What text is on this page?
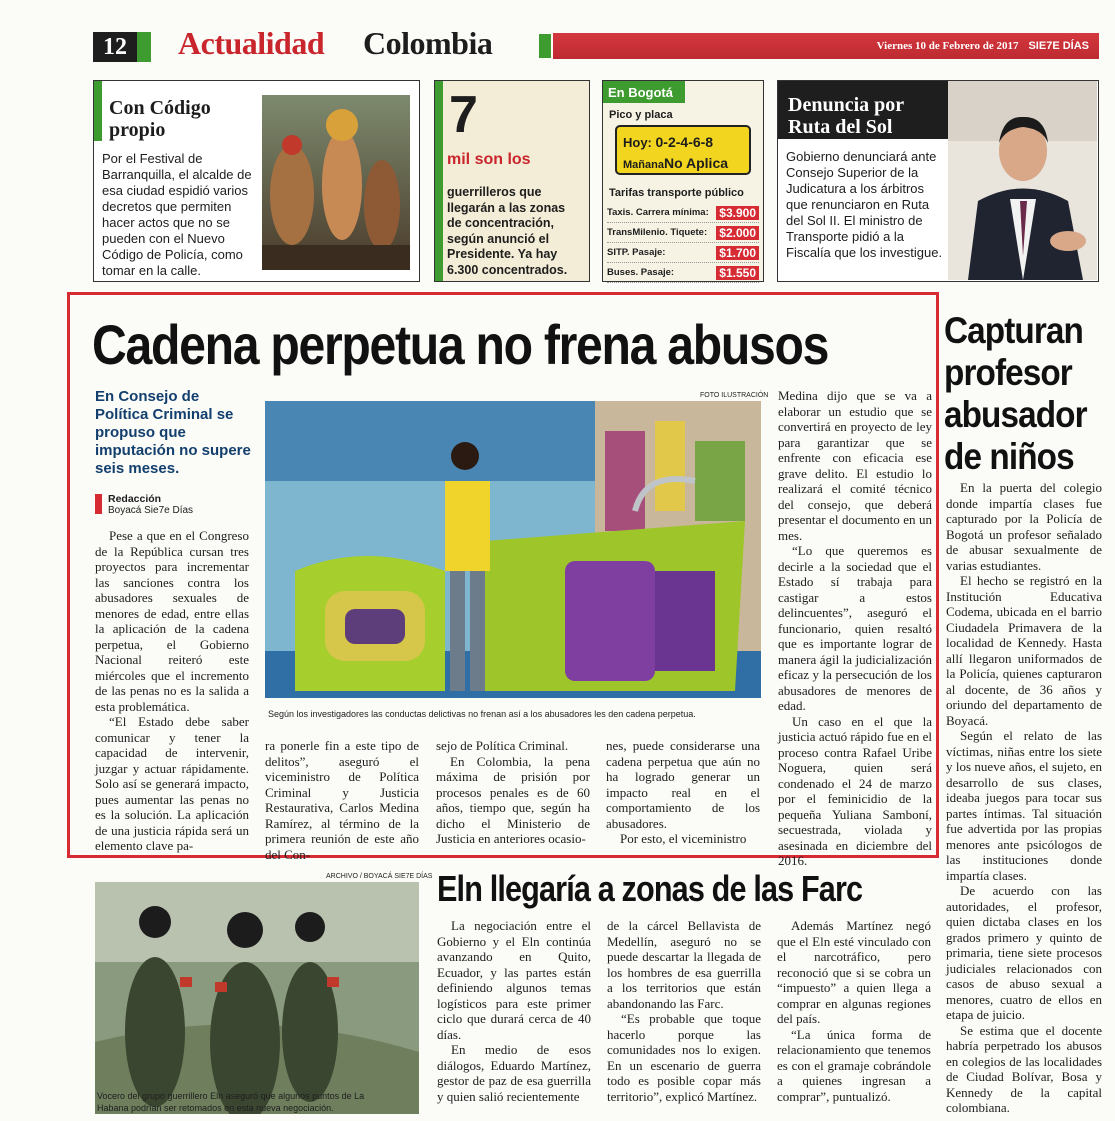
12	Actualidad Colombia	Viernes 10 de Febrero de 2017 SIE7E DÍAS
Con Código propio
Por el Festival de Barranquilla, el alcalde de esa ciudad espidió varios decretos que permiten hacer actos que no se pueden con el Nuevo Código de Policía, como tomar en la calle.
7
mil son los
guerrilleros que llegarán a las zonas de concentración, según anunció el Presidente. Ya hay 6.300 concentrados.
En Bogotá
Pico y placa
Hoy: 0-2-4-6-8
MañanaNo Aplica
Tarifas transporte público
Taxis. Carrera mínima: $3.900
TransMilenio. Tiquete: $2.000
SITP. Pasaje:	$1.700
Buses. Pasaje:	$1.550
Denuncia por Ruta del Sol
Gobierno denunciará ante Consejo Superior de la Judicatura a los árbitros que renunciaron en Ruta del Sol II. El ministro de Transporte pidió a la Fiscalía que los investigue.
Cadena perpetua no frena abusos
En Consejo de Política Criminal se propuso que imputación no supere seis meses.
Redacción
Boyacá Sie7e Días
FOTO ILUSTRACIÓN
Según los investigadores las conductas delictivas no frenan así a los abusadores les den cadena perpetua.

Pese a que en el Congreso de la República cursan tres proyectos para incrementar las sanciones contra los abusadores sexuales de menores de edad, entre ellas la aplicación de la cadena perpetua, el Gobierno Nacional reiteró este miércoles que el incremento de las penas no es la salida a esta problemática.

“El Estado debe saber comunicar y tener la capacidad de intervenir, juzgar y actuar rápidamente. Solo así se generará impacto, pues aumentar las penas no es la solución. La aplicación de una justicia rápida será un elemento clave pa-

ra ponerle fin a este tipo de delitos”, aseguró el viceministro de Política Criminal y Justicia Restaurativa, Carlos Medina Ramírez, al término de la primera reunión de este año del Con-

sejo de Política Criminal.

En Colombia, la pena máxima de prisión por procesos penales es de 60 años, tiempo que, según ha dicho el Ministerio de Justicia en anteriores ocasio-

nes, puede considerarse una cadena perpetua que aún no ha logrado generar un impacto real en el comportamiento de los abusadores.

Por esto, el viceministro

Medina dijo que se va a elaborar un estudio que se convertirá en proyecto de ley para garantizar que se enfrente con eficacia ese grave delito. El estudio lo realizará el comité técnico del consejo, que deberá presentar el documento en un mes.

“Lo que queremos es decirle a la sociedad que el Estado sí trabaja para castigar a estos delincuentes”, aseguró el funcionario, quien resaltó que es importante lograr de manera ágil la judicialización eficaz y la persecución de los abusadores de menores de edad.

Un caso en el que la justicia actuó rápido fue en el proceso contra Rafael Uribe Noguera, quien será condenado el 24 de marzo por el feminicidio de la pequeña Yuliana Samboní, secuestrada, violada y asesinada en diciembre del 2016.

Capturan profesor abusador de niños

En la puerta del colegio donde impartía clases fue capturado por la Policía de Bogotá un profesor señalado de abusar sexualmente de varias estudiantes.

El hecho se registró en la Institución Educativa Codema, ubicada en el barrio Ciudadela Primavera de la localidad de Kennedy. Hasta allí llegaron uniformados de la Policía, quienes capturaron al docente, de 36 años y oriundo del departamento de Boyacá.

Según el relato de las víctimas, niñas entre los siete y los nueve años, el sujeto, en desarrollo de sus clases, ideaba juegos para tocar sus partes íntimas. Tal situación fue advertida por las propias menores ante psicólogos de las instituciones donde impartía clases.

De acuerdo con las autoridades, el profesor, quien dictaba clases en los grados primero y quinto de primaria, tiene siete procesos judiciales relacionados con casos de abuso sexual a menores, cuatro de ellos en etapa de juicio.

Se estima que el docente habría perpetrado los abusos en colegios de las localidades de Ciudad Bolívar, Bosa y Kennedy de la capital colombiana.

ARCHIVO / BOYACÁ SIE7E DÍAS
Vocero del grupo guerrillero Eln aseguró que algunos puntos de La Habana podrían ser retomados en esta nueva negociación.
Eln llegaría a zonas de las Farc

La negociación entre el Gobierno y el Eln continúa avanzando en Quito, Ecuador, y las partes están definiendo algunos temas logísticos para este primer ciclo que durará cerca de 40 días.

En medio de esos diálogos, Eduardo Martínez, gestor de paz de esa guerrilla y quien salió recientemente

de la cárcel Bellavista de Medellín, aseguró no se puede descartar la llegada de los hombres de esa guerrilla a los territorios que están abandonando las Farc.

“Es probable que toque hacerlo porque las comunidades nos lo exigen. En un escenario de guerra todo es posible copar más territorio”, explicó Martínez.

Además Martínez negó que el Eln esté vinculado con el narcotráfico, pero reconoció que si se cobra un “impuesto” a quien llega a comprar en algunas regiones del país.

“La única forma de relacionamiento que tenemos es con el gramaje cobrándole a quienes ingresan a comprar”, puntualizó.
